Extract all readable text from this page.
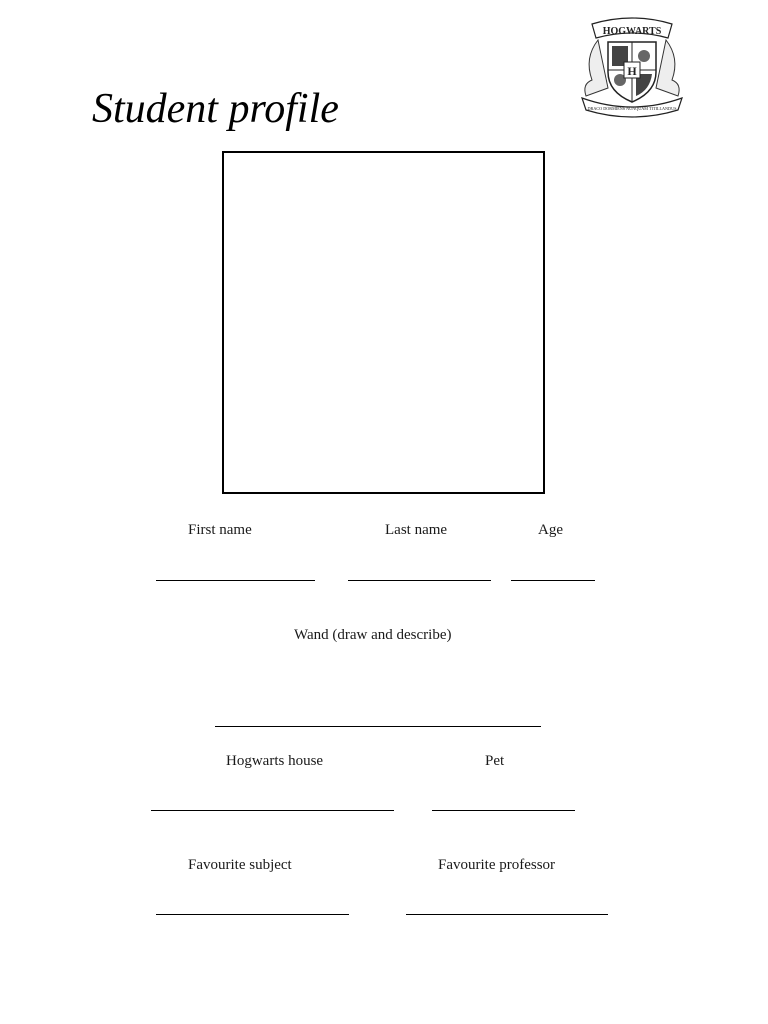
Student profile
HOGWARTS
H
DRACO DORMIENS NUNQUAM TITILLANDUS
First name	Last name	Age
Wand (draw and describe)
Hogwarts house	Pet
Favourite subject	Favourite professor
